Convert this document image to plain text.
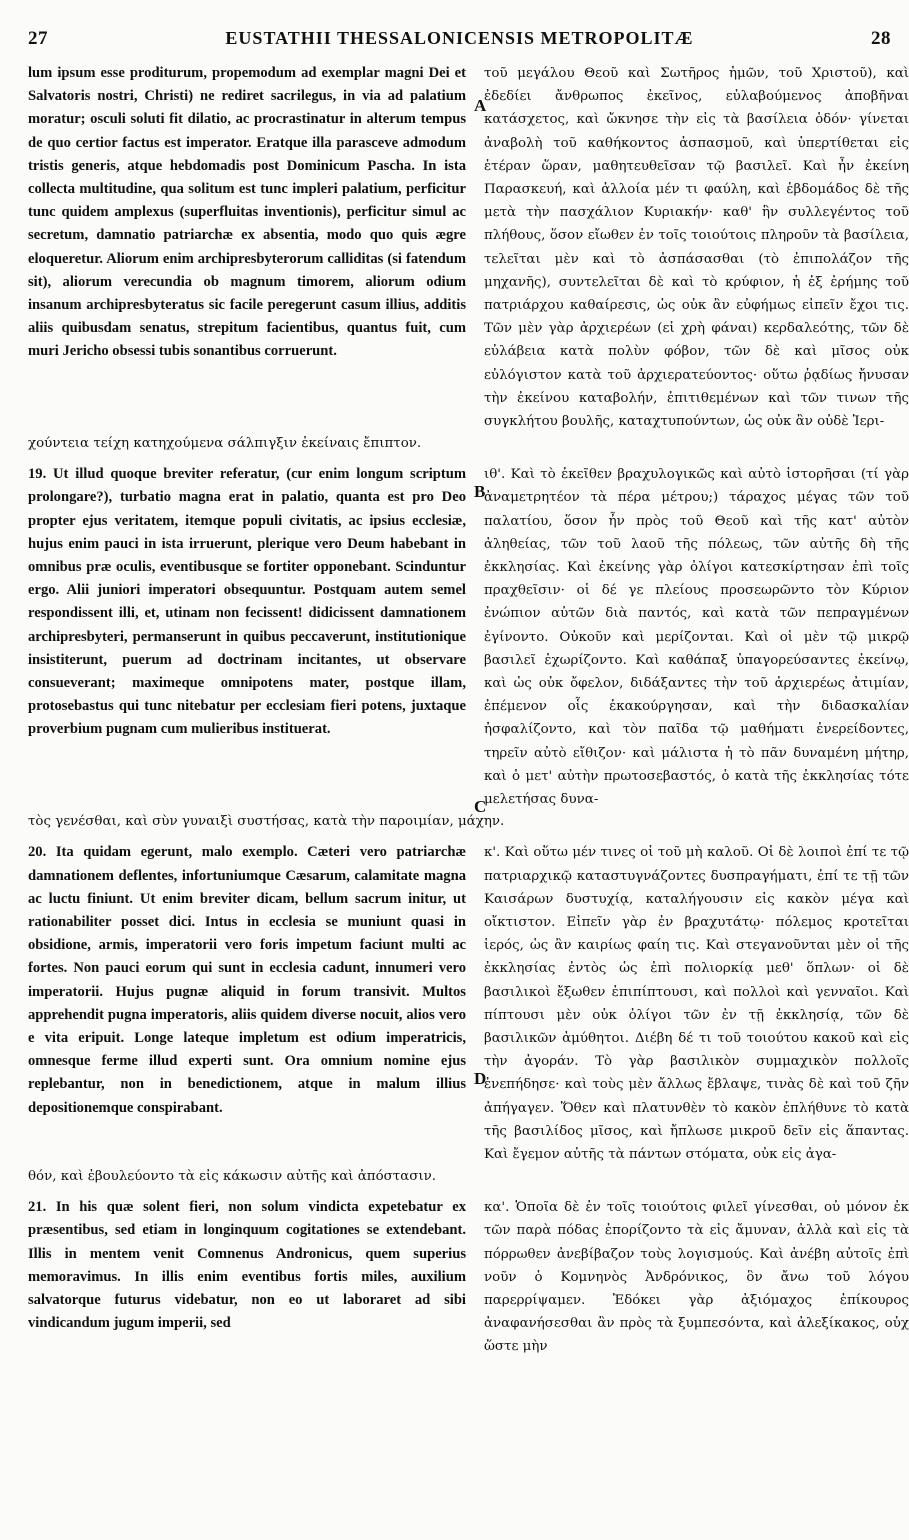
27	EUSTATHII THESSALONICENSIS METROPOLITÆ	28
A
B
C
D
lum ipsum esse proditurum, propemodum ad exemplar magni Dei et Salvatoris nostri, Christi) ne rediret sacrilegus, in via ad palatium moratur; osculi soluti fit dilatio, ac procrastinatur in alterum tempus de quo certior factus est imperator. Eratque illa parasceve admodum tristis generis, atque hebdomadis post Dominicum Pascha. In ista collecta multitudine, qua solitum est tunc impleri palatium, perficitur tunc quidem amplexus (superfluitas inventionis), perficitur simul ac secretum, damnatio patriarchæ ex absentia, modo quo quis ægre eloqueretur. Aliorum enim archipresbyterorum calliditas (si fatendum sit), aliorum verecundia ob magnum timorem, aliorum odium insanum archipresbyteratus sic facile peregerunt casum illius, additis aliis quibusdam senatus, strepitum facientibus, quantus fuit, cum muri Jericho obsessi tubis sonantibus corruerunt.
τοῦ μεγάλου Θεοῦ καὶ Σωτῆρος ἡμῶν, τοῦ Χριστοῦ), καὶ ἐδεδίει ἄνθρωπος ἐκεῖνος, εὐλαβούμενος ἀποβῆναι κατάσχετος, καὶ ὤκνησε τὴν εἰς τὰ βασίλεια ὁδόν· γίνεται ἀναβολὴ τοῦ καθήκοντος ἀσπασμοῦ, καὶ ὑπερτίθεται εἰς ἑτέραν ὥραν, μαθητευθεῖσαν τῷ βασιλεῖ. Καὶ ἦν ἐκείνη Παρασκευή, καὶ ἀλλοία μέν τι φαύλη, καὶ ἑβδομάδος δὲ τῆς μετὰ τὴν πασχάλιον Κυριακήν· καθ' ἣν συλλεγέντος τοῦ πλήθους, ὅσον εἴωθεν ἐν τοῖς τοιούτοις πληροῦν τὰ βασίλεια, τελεῖται μὲν καὶ τὸ ἀσπάσασθαι (τὸ ἐπιπολάζον τῆς μηχανῆς), συντελεῖται δὲ καὶ τὸ κρύφιον, ἡ ἐξ ἐρήμης τοῦ πατριάρχου καθαίρεσις, ὡς οὐκ ἂν εὐφήμως εἰπεῖν ἔχοι τις. Τῶν μὲν γὰρ ἀρχιερέων (εἰ χρὴ φάναι) κερδαλεότης, τῶν δὲ εὐλάβεια κατὰ πολὺν φόβον, τῶν δὲ καὶ μῖσος οὐκ εὐλόγιστον κατὰ τοῦ ἀρχιερατεύοντος· οὕτω ῥᾳδίως ἤνυσαν τὴν ἐκείνου καταβολήν, ἐπιτιθεμένων καὶ τῶν τινων τῆς συγκλήτου βουλῆς, καταχτυπούντων, ὡς οὐκ ἂν οὐδὲ Ἱερι-
χούντεια τείχη κατηχούμενα σάλπιγξιν ἐκείναις ἔπιπτον.
19. Ut illud quoque breviter referatur, (cur enim longum scriptum prolongare?), turbatio magna erat in palatio, quanta est pro Deo propter ejus veritatem, itemque populi civitatis, ac ipsius ecclesiæ, hujus enim pauci in ista irruerunt, plerique vero Deum habebant in omnibus præ oculis, eventibusque se fortiter opponebant. Scinduntur ergo. Alii juniori imperatori obsequuntur. Postquam autem semel respondissent illi, et, utinam non fecissent! didicissent damnationem archipresbyteri, permanserunt in quibus peccaverunt, institutionique insistiterunt, puerum ad doctrinam incitantes, ut observare consueverant; maximeque omnipotens mater, postque illam, protosebastus qui tunc nitebatur per ecclesiam fieri potens, juxtaque proverbium pugnam cum mulieribus instituerat.
ιθ'. Καὶ τὸ ἐκεῖθεν βραχυλογικῶς καὶ αὐτὸ ἱστορῆσαι (τί γὰρ ἀναμετρητέον τὰ πέρα μέτρου;) τάραχος μέγας τῶν τοῦ παλατίου, ὅσον ἦν πρὸς τοῦ Θεοῦ καὶ τῆς κατ' αὐτὸν ἀληθείας, τῶν τοῦ λαοῦ τῆς πόλεως, τῶν αὐτῆς δὴ τῆς ἐκκλησίας. Καὶ ἐκείνης γὰρ ὀλίγοι κατεσκίρτησαν ἐπὶ τοῖς πραχθεῖσιν· οἱ δέ γε πλείους προσεωρῶντο τὸν Κύριον ἐνώπιον αὐτῶν διὰ παντός, καὶ κατὰ τῶν πεπραγμένων ἐγίνοντο. Οὐκοῦν καὶ μερίζονται. Καὶ οἱ μὲν τῷ μικρῷ βασιλεῖ ἐχωρίζοντο. Καὶ καθάπαξ ὑπαγορεύσαντες ἐκείνῳ, καὶ ὡς οὐκ ὄφελον, διδάξαντες τὴν τοῦ ἀρχιερέως ἀτιμίαν, ἐπέμενον οἷς ἐκακούργησαν, καὶ τὴν διδασκαλίαν ἠσφαλίζοντο, καὶ τὸν παῖδα τῷ μαθήματι ἐνερείδοντες, τηρεῖν αὐτὸ εἴθιζον· καὶ μάλιστα ἡ τὸ πᾶν δυναμένη μήτηρ, καὶ ὁ μετ' αὐτὴν πρωτοσεβαστός, ὁ κατὰ τῆς ἐκκλησίας τότε μελετήσας δυνα-
τὸς γενέσθαι, καὶ σὺν γυναιξὶ συστήσας, κατὰ τὴν παροιμίαν, μάχην.
20. Ita quidam egerunt, malo exemplo. Cæteri vero patriarchæ damnationem deflentes, infortuniumque Cæsarum, calamitate magna ac luctu finiunt. Ut enim breviter dicam, bellum sacrum initur, ut rationabiliter posset dici. Intus in ecclesia se muniunt quasi in obsidione, armis, imperatorii vero foris impetum faciunt multi ac fortes. Non pauci eorum qui sunt in ecclesia cadunt, innumeri vero imperatorii. Hujus pugnæ aliquid in forum transivit. Multos apprehendit pugna imperatoris, aliis quidem diverse nocuit, alios vero e vita eripuit. Longe lateque impletum est odium imperatricis, omnesque ferme illud experti sunt. Ora omnium nomine ejus replebantur, non in benedictionem, atque in malum illius depositionemque conspirabant.
κ'. Καὶ οὕτω μέν τινες οἱ τοῦ μὴ καλοῦ. Οἱ δὲ λοιποὶ ἐπί τε τῷ πατριαρχικῷ καταστυγνάζοντες δυσπραγήματι, ἐπί τε τῇ τῶν Καισάρων δυστυχίᾳ, καταλήγουσιν εἰς κακὸν μέγα καὶ οἴκτιστον. Εἰπεῖν γὰρ ἐν βραχυτάτῳ· πόλεμος κροτεῖται ἱερός, ὡς ἂν καιρίως φαίη τις. Καὶ στεγανοῦνται μὲν οἱ τῆς ἐκκλησίας ἐντὸς ὡς ἐπὶ πολιορκίᾳ μεθ' ὅπλων· οἱ δὲ βασιλικοὶ ἔξωθεν ἐπιπίπτουσι, καὶ πολλοὶ καὶ γενναῖοι. Καὶ πίπτουσι μὲν οὐκ ὀλίγοι τῶν ἐν τῇ ἐκκλησίᾳ, τῶν δὲ βασιλικῶν ἀμύθητοι. Διέβη δέ τι τοῦ τοιούτου κακοῦ καὶ εἰς τὴν ἀγοράν. Τὸ γὰρ βασιλικὸν συμμαχικὸν πολλοῖς ἐνεπήδησε· καὶ τοὺς μὲν ἄλλως ἔβλαψε, τινὰς δὲ καὶ τοῦ ζῆν ἀπήγαγεν. Ὅθεν καὶ πλατυνθὲν τὸ κακὸν ἐπλήθυνε τὸ κατὰ τῆς βασιλίδος μῖσος, καὶ ἤπλωσε μικροῦ δεῖν εἰς ἅπαντας. Καὶ ἔγεμον αὐτῆς τὰ πάντων στόματα, οὐκ εἰς ἀγα-
θόν, καὶ ἐβουλεύοντο τὰ εἰς κάκωσιν αὐτῆς καὶ ἀπόστασιν.
21. In his quæ solent fieri, non solum vindicta expetebatur ex præsentibus, sed etiam in longinquum cogitationes se extendebant. Illis in mentem venit Comnenus Andronicus, quem superius memoravimus. In illis enim eventibus fortis miles, auxilium salvatorque futurus videbatur, non eo ut laboraret ad sibi vindicandum jugum imperii, sed
κα'. Ὁποῖα δὲ ἐν τοῖς τοιούτοις φιλεῖ γίνεσθαι, οὐ μόνον ἐκ τῶν παρὰ πόδας ἐπορίζοντο τὰ εἰς ἄμυναν, ἀλλὰ καὶ εἰς τὰ πόρρωθεν ἀνεβίβαζον τοὺς λογισμούς. Καὶ ἀνέβη αὐτοῖς ἐπὶ νοῦν ὁ Κομνηνὸς Ἀνδρόνικος, ὃν ἄνω τοῦ λόγου παρερρίψαμεν. Ἐδόκει γὰρ ἀξιόμαχος ἐπίκουρος ἀναφανήσεσθαι ἂν πρὸς τὰ ξυμπεσόντα, καὶ ἀλεξίκακος, οὐχ ὥστε μὴν
